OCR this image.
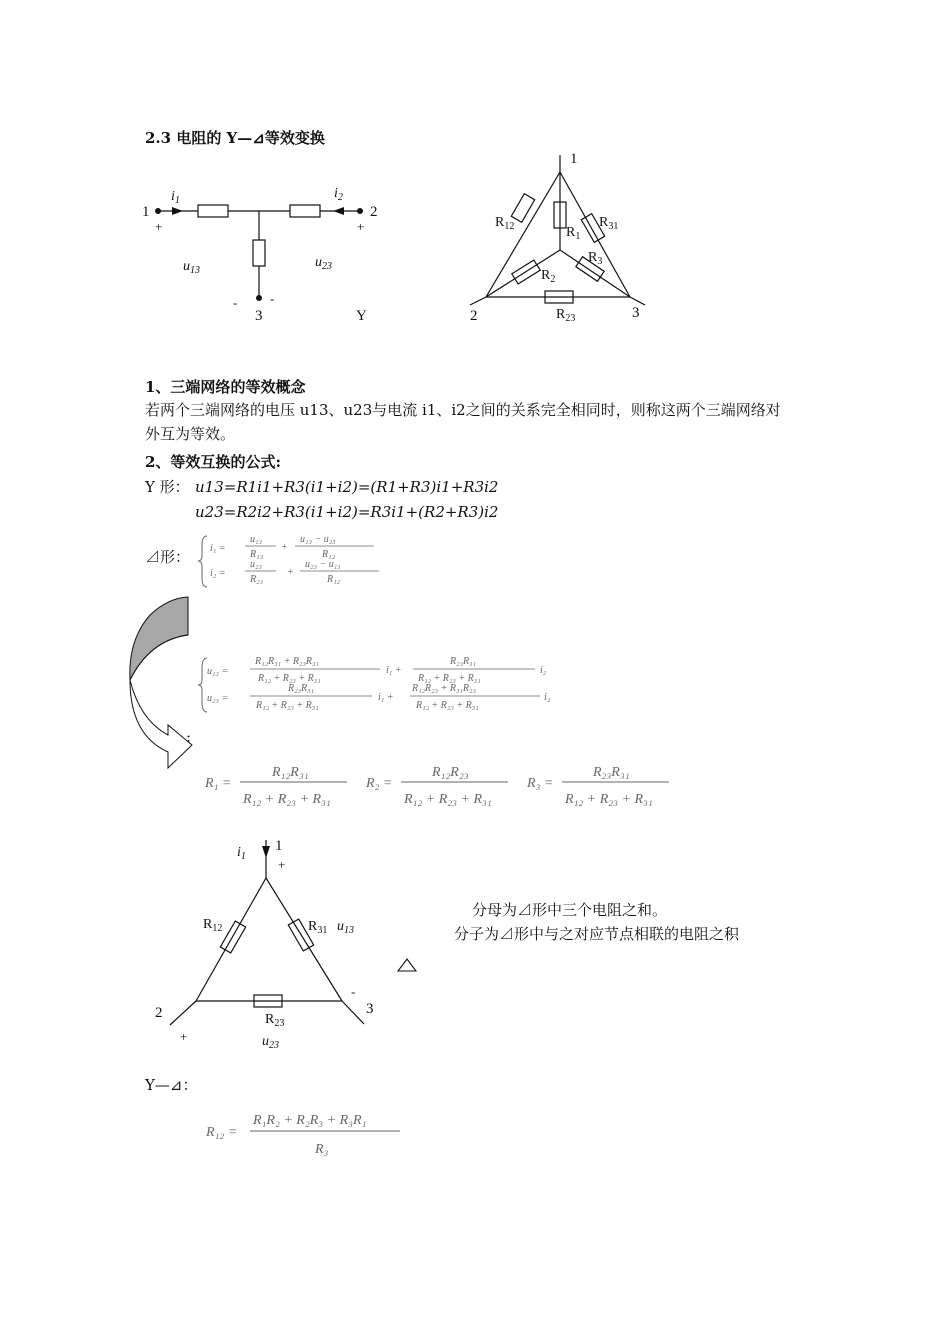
2.3 电阻的 Y—⊿等效变换
1	2
3
+	+
-	-
Y
$i_1$	$i_2$
$u_{13}$
$u_{23}$
1
2	3
$R_{12}$	$R_{31}$
$R_1$
$R_2$
$R_3$
$R_{23}$
1、三端网络的等效概念
若两个三端网络的电压 u13、u23与电流 i1、i2之间的关系完全相同时，则称这两个三端网络对
外互为等效。
2、等效互换的公式:
Y 形： u13=R1i1+R3(i1+i2)=(R1+R3)i1+R3i2
u23=R2i2+R3(i1+i2)=R3i1+(R2+R3)i2
⊿形： i₁ =
u₁₃
R₁₃
+
u₁₃ − u₂₃
R₁₂
i₂ =
u₂₃
R₂₃
+
u₂₃ − u₁₃
R₁₂
u₁₃ =
R₁₂R₃₁ + R₂₃R₃₁
R₁₂ + R₂₃ + R₃₁
i₁ +
R₂₃R₃₁
R₁₂ + R₂₃ + R₃₁
i₂
u₂₃ =
R₂₃R₃₁
R₁₂ + R₂₃ + R₃₁
i₁ +
R₁₂R₂₃ + R₃₁R₂₃
R₁₂ + R₂₃ + R₃₁
i₂
:
R₁ =
R₁₂R₃₁
R₁₂ + R₂₃ + R₃₁
R₂ =
R₁₂R₂₃
R₁₂ + R₂₃ + R₃₁
R₃ =
R₂₃R₃₁
R₁₂ + R₂₃ + R₃₁
1
+
2
+
3
-
$i_1$
$R_{12}$	$R_{31}$ $u_{13}$
$R_{23}$
$u_{23}$
分母为⊿形中三个电阻之和。
分子为⊿形中与之对应节点相联的电阻之积
Y—⊿：
R₁₂ =
R₁R₂ + R₂R₃ + R₃R₁
R₃
